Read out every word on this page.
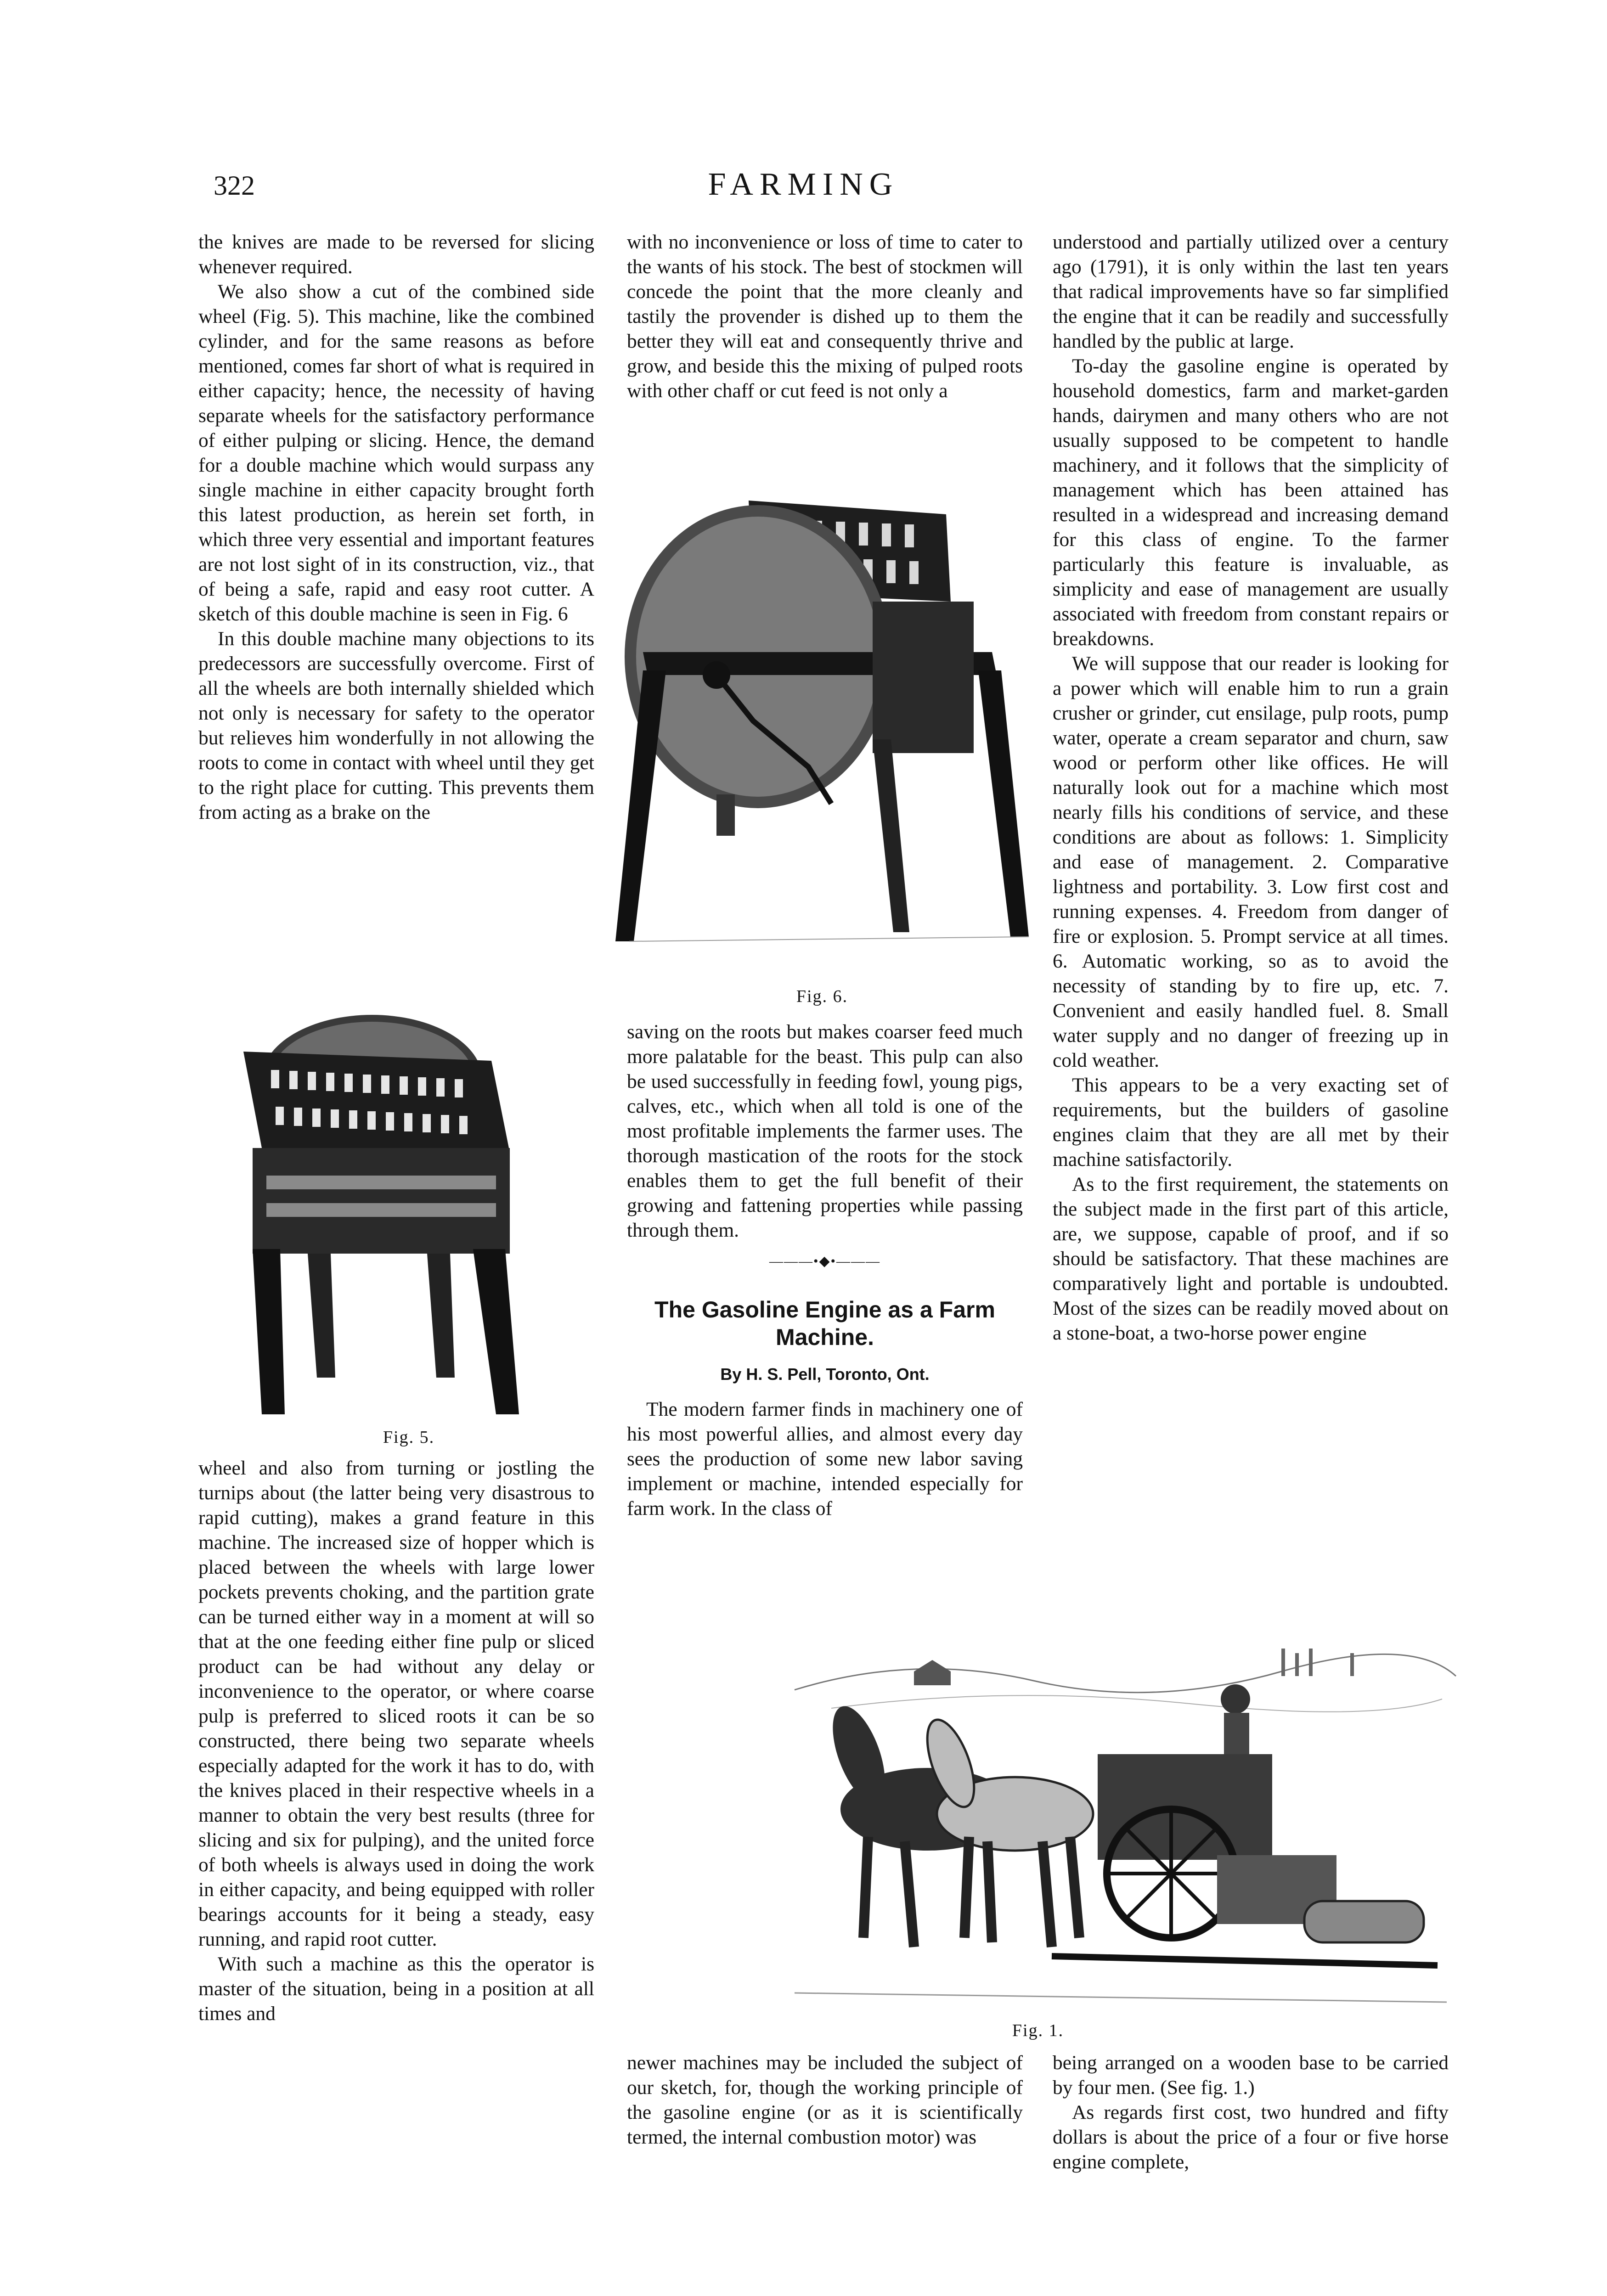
322	FARMING

the knives are made to be reversed for slicing whenever required.

We also show a cut of the combined side wheel (Fig. 5). This machine, like the combined cylinder, and for the same reasons as before mentioned, comes far short of what is required in either capacity; hence, the necessity of having separate wheels for the satisfactory performance of either pulping or slicing. Hence, the demand for a double machine which would surpass any single machine in either capacity brought forth this latest production, as herein set forth, in which three very essential and important features are not lost sight of in its construction, viz., that of being a safe, rapid and easy root cutter. A sketch of this double machine is seen in Fig. 6

In this double machine many objections to its predecessors are successfully overcome. First of all the wheels are both internally shielded which not only is necessary for safety to the operator but relieves him wonderfully in not allowing the roots to come in contact with wheel until they get to the right place for cutting. This prevents them from acting as a brake on the

Fig. 5.

wheel and also from turning or jostling the turnips about (the latter being very disastrous to rapid cutting), makes a grand feature in this machine. The increased size of hopper which is placed between the wheels with large lower pockets prevents choking, and the partition grate can be turned either way in a moment at will so that at the one feeding either fine pulp or sliced product can be had without any delay or inconvenience to the operator, or where coarse pulp is preferred to sliced roots it can be so constructed, there being two separate wheels especially adapted for the work it has to do, with the knives placed in their respective wheels in a manner to obtain the very best results (three for slicing and six for pulping), and the united force of both wheels is always used in doing the work in either capacity, and being equipped with roller bearings accounts for it being a steady, easy running, and rapid root cutter.

With such a machine as this the operator is master of the situation, being in a position at all times and

with no inconvenience or loss of time to cater to the wants of his stock. The best of stockmen will concede the point that the more cleanly and tastily the provender is dished up to them the better they will eat and consequently thrive and grow, and beside this the mixing of pulped roots with other chaff or cut feed is not only a

Fig. 6.

saving on the roots but makes coarser feed much more palatable for the beast. This pulp can also be used successfully in feeding fowl, young pigs, calves, etc., which when all told is one of the most profitable implements the farmer uses. The thorough mastication of the roots for the stock enables them to get the full benefit of their growing and fattening properties while passing through them.

———•◆•———
The Gasoline Engine as a Farm Machine.
By H. S. Pell, Toronto, Ont.

The modern farmer finds in machinery one of his most powerful allies, and almost every day sees the production of some new labor saving implement or machine, intended especially for farm work. In the class of

understood and partially utilized over a century ago (1791), it is only within the last ten years that radical improvements have so far simplified the engine that it can be readily and successfully handled by the public at large.

To-day the gasoline engine is operated by household domestics, farm and market-garden hands, dairymen and many others who are not usually supposed to be competent to handle machinery, and it follows that the simplicity of management which has been attained has resulted in a widespread and increasing demand for this class of engine. To the farmer particularly this feature is invaluable, as simplicity and ease of management are usually associated with freedom from constant repairs or breakdowns.

We will suppose that our reader is looking for a power which will enable him to run a grain crusher or grinder, cut ensilage, pulp roots, pump water, operate a cream separator and churn, saw wood or perform other like offices. He will naturally look out for a machine which most nearly fills his conditions of service, and these conditions are about as follows: 1. Simplicity and ease of management. 2. Comparative lightness and portability. 3. Low first cost and running expenses. 4. Freedom from danger of fire or explosion. 5. Prompt service at all times. 6. Automatic working, so as to avoid the necessity of standing by to fire up, etc. 7. Convenient and easily handled fuel. 8. Small water supply and no danger of freezing up in cold weather.

This appears to be a very exacting set of requirements, but the builders of gasoline engines claim that they are all met by their machine satisfactorily.

As to the first requirement, the statements on the subject made in the first part of this article, are, we suppose, capable of proof, and if so should be satisfactory. That these machines are comparatively light and portable is undoubted. Most of the sizes can be readily moved about on a stone-boat, a two-horse power engine

Fig. 1.

newer machines may be included the subject of our sketch, for, though the working principle of the gasoline engine (or as it is scientifically termed, the internal combustion motor) was

being arranged on a wooden base to be carried by four men. (See fig. 1.)

As regards first cost, two hundred and fifty dollars is about the price of a four or five horse engine complete,
